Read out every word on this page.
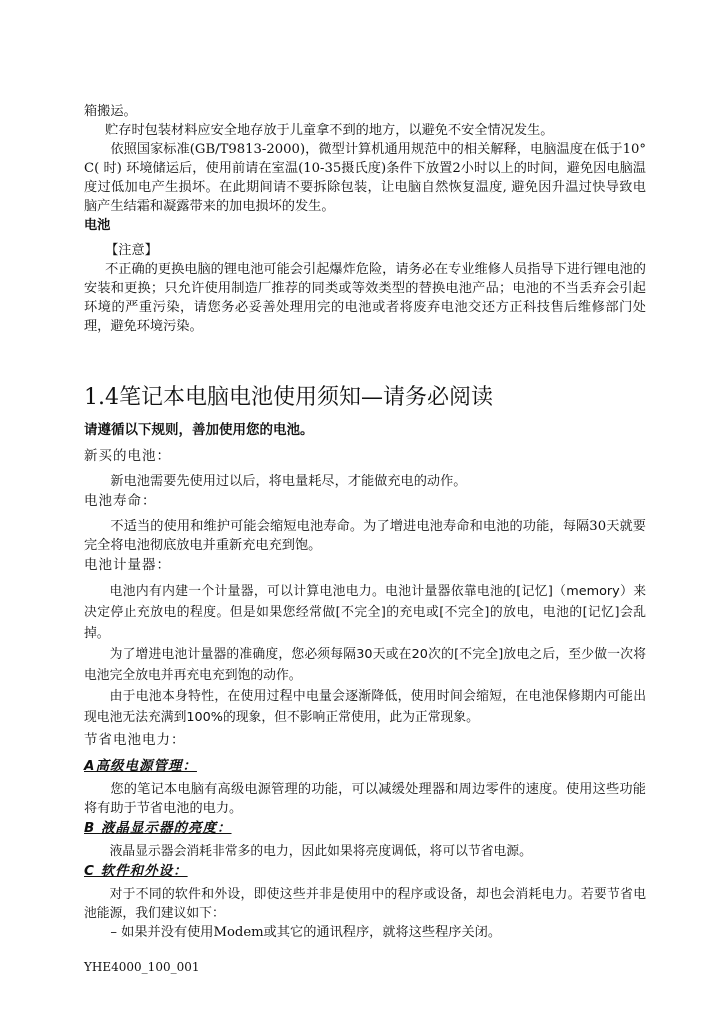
箱搬运。

贮存时包装材料应安全地存放于儿童拿不到的地方，以避免不安全情况发生。

依照国家标准(GB/T9813-2000)，微型计算机通用规范中的相关解释，电脑温度在低于10°C( 时) 环境储运后，使用前请在室温(10-35摄氏度)条件下放置2小时以上的时间，避免因电脑温度过低加电产生损坏。在此期间请不要拆除包装，让电脑自然恢复温度, 避免因升温过快导致电脑产生结霜和凝露带来的加电损坏的发生。

电池

【注意】

不正确的更换电脑的锂电池可能会引起爆炸危险，请务必在专业维修人员指导下进行锂电池的安装和更换；只允许使用制造厂推荐的同类或等效类型的替换电池产品；电池的不当丢弃会引起环境的严重污染，请您务必妥善处理用完的电池或者将废弃电池交还方正科技售后维修部门处理，避免环境污染。

1.4笔记本电脑电池使用须知—请务必阅读

请遵循以下规则，善加使用您的电池。

新买的电池：

新电池需要先使用过以后，将电量耗尽，才能做充电的动作。

电池寿命：

不适当的使用和维护可能会缩短电池寿命。为了增进电池寿命和电池的功能，每隔30天就要完全将电池彻底放电并重新充电充到饱。

电池计量器：

电池内有内建一个计量器，可以计算电池电力。电池计量器依靠电池的[记忆]（memory）来决定停止充放电的程度。但是如果您经常做[不完全]的充电或[不完全]的放电，电池的[记忆]会乱掉。

为了增进电池计量器的准确度，您必须每隔30天或在20次的[不完全]放电之后，至少做一次将电池完全放电并再充电充到饱的动作。

由于电池本身特性，在使用过程中电量会逐渐降低，使用时间会缩短，在电池保修期内可能出现电池无法充满到100%的现象，但不影响正常使用，此为正常现象。

节省电池电力：

A高级电源管理：

您的笔记本电脑有高级电源管理的功能，可以减缓处理器和周边零件的速度。使用这些功能将有助于节省电池的电力。

B 液晶显示器的亮度：

液晶显示器会消耗非常多的电力，因此如果将亮度调低，将可以节省电源。

C 软件和外设：

对于不同的软件和外设，即使这些并非是使用中的程序或设备，却也会消耗电力。若要节省电池能源，我们建议如下：

– 如果并没有使用Modem或其它的通讯程序，就将这些程序关闭。

YHE4000_100_001
